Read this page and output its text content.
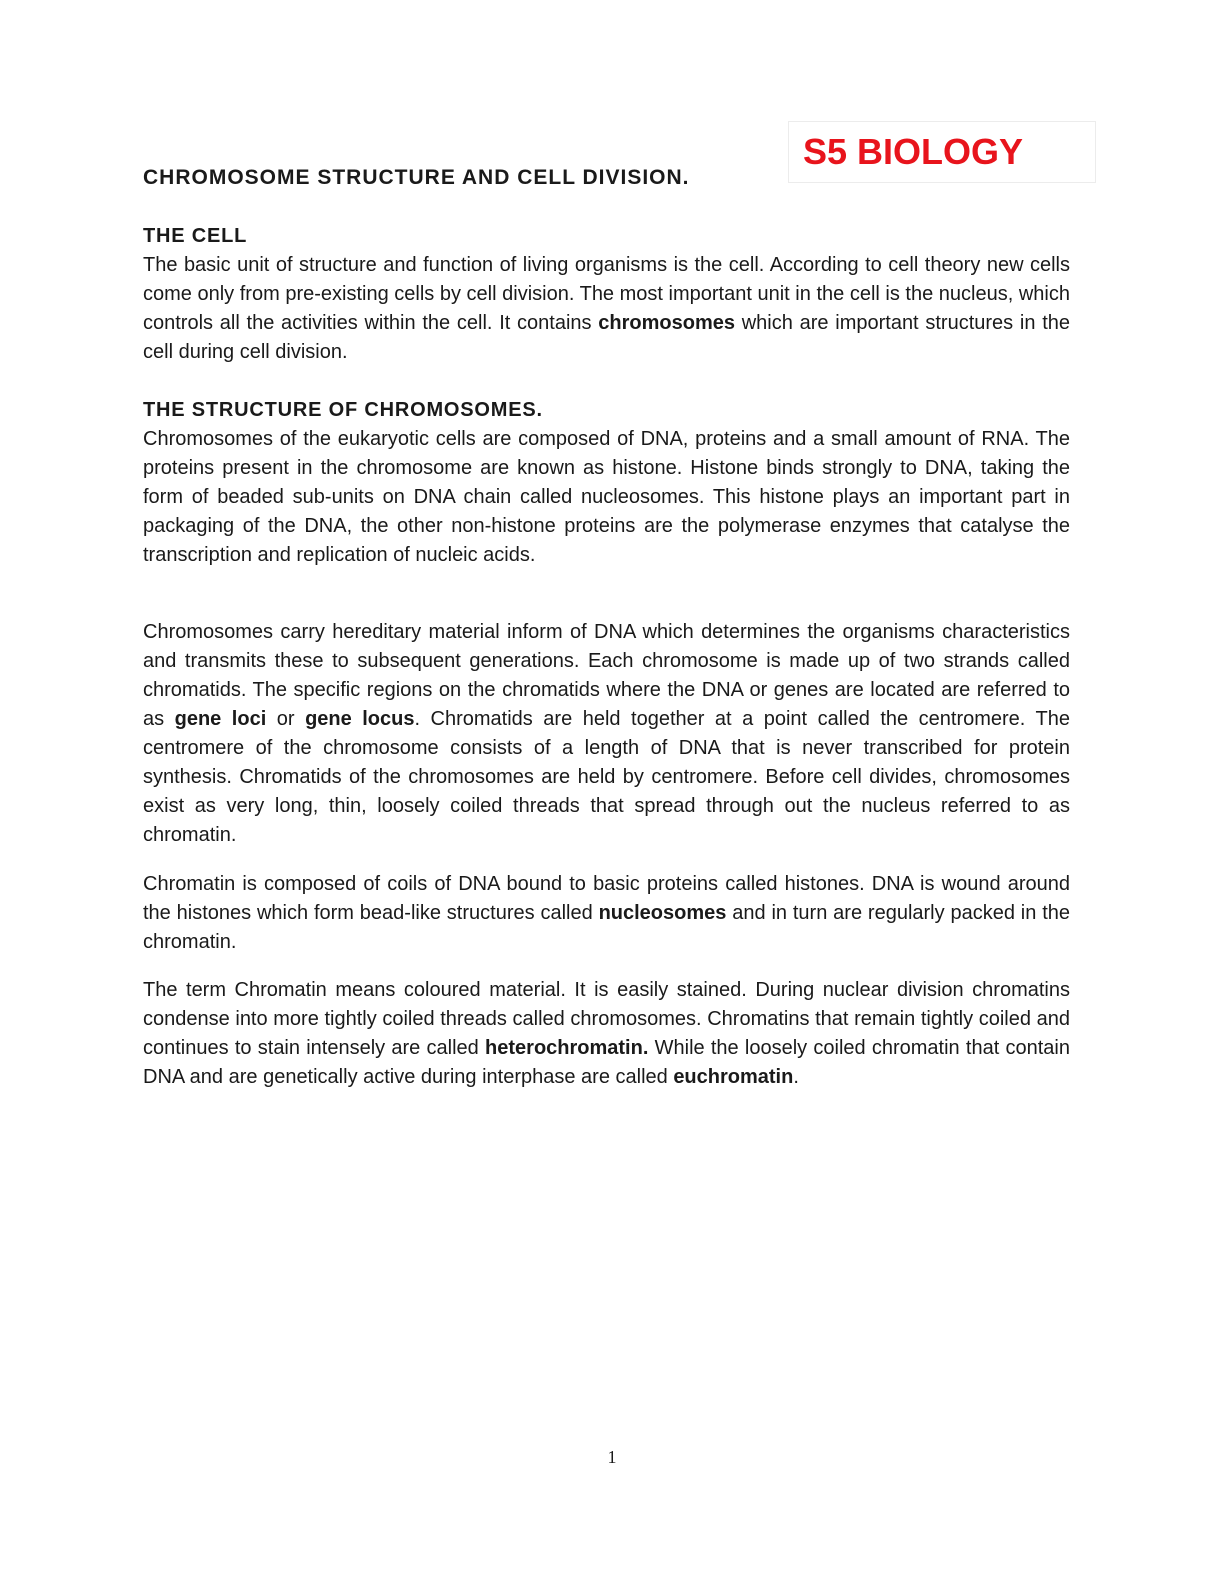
S5 BIOLOGY
CHROMOSOME STRUCTURE AND CELL DIVISION.
THE CELL

The basic unit of structure and function of living organisms is the cell. According to cell theory new cells come only from pre-existing cells by cell division. The most important unit in the cell is the nucleus, which controls all the activities within the cell. It contains chromosomes which are important structures in the cell during cell division.

THE STRUCTURE OF CHROMOSOMES.

Chromosomes of the eukaryotic cells are composed of DNA, proteins and a small amount of RNA. The proteins present in the chromosome are known as histone. Histone binds strongly to DNA, taking the form of beaded sub-units on DNA chain called nucleosomes. This histone plays an important part in packaging of the DNA, the other non-histone proteins are the polymerase enzymes that catalyse the transcription and replication of nucleic acids.

Chromosomes carry hereditary material inform of DNA which determines the organisms characteristics and transmits these to subsequent generations. Each chromosome is made up of two strands called chromatids. The specific regions on the chromatids where the DNA or genes are located are referred to as gene loci or gene locus. Chromatids are held together at a point called the centromere. The centromere of the chromosome consists of a length of DNA that is never transcribed for protein synthesis. Chromatids of the chromosomes are held by centromere. Before cell divides, chromosomes exist as very long, thin, loosely coiled threads that spread through out the nucleus referred to as chromatin.

Chromatin is composed of coils of DNA bound to basic proteins called histones. DNA is wound around the histones which form bead-like structures called nucleosomes and in turn are regularly packed in the chromatin.

The term Chromatin means coloured material. It is easily stained. During nuclear division chromatins condense into more tightly coiled threads called chromosomes. Chromatins that remain tightly coiled and continues to stain intensely are called heterochromatin. While the loosely coiled chromatin that contain DNA and are genetically active during interphase are called euchromatin.

1
